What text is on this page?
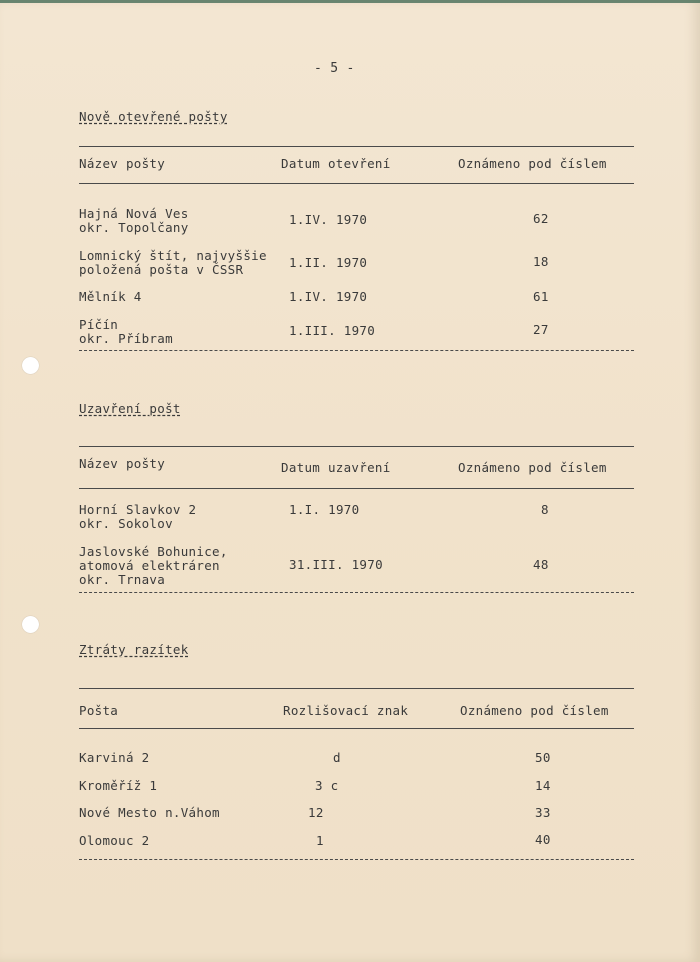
- 5 -
Nově otevřené pošty
Název pošty	Datum otevření	Oznámeno pod číslem
Hajná Nová Ves
okr. Topolčany
1.IV. 1970	62
Lomnický štít, najvyššie
položená pošta v ČSSR	1.II. 1970	18
Mělník 4	1.IV. 1970	61
Píčín
okr. Příbram
1.III. 1970	27
Uzavření pošt
Název pošty	Datum uzavření	Oznámeno pod číslem
Horní Slavkov 2
okr. Sokolov
1.I. 1970	8
Jaslovské Bohunice,
atomová elektráren
okr. Trnava
31.III. 1970	48
Ztráty razítek
Pošta	Rozlišovací znak	Oznámeno pod číslem
Karviná 2	d	50
Kroměříž 1	3 c	14
Nové Mesto n.Váhom	12	33
Olomouc 2	1	40
